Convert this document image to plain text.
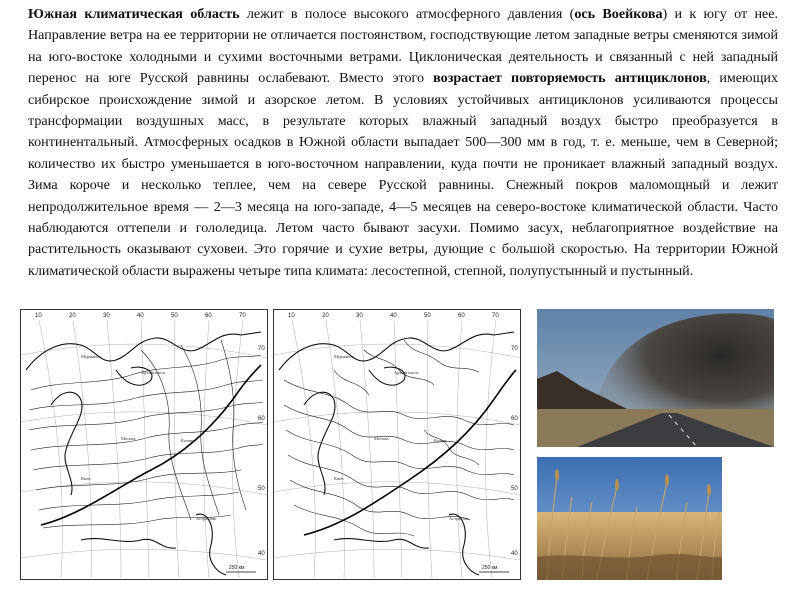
Южная климатическая область лежит в полосе высокого атмосферного давления (ось Воейкова) и к югу от нее. Направление ветра на ее территории не отличается постоянством, господствующие летом западные ветры сменяются зимой на юго-востоке холодными и сухими восточными ветрами. Циклоническая деятельность и связанный с ней западный перенос на юге Русской равнины ослабевают. Вместо этого возрастает повторяемость антициклонов, имеющих сибирское происхождение зимой и азорское летом. В условиях устойчивых антициклонов усиливаются процессы трансформации воздушных масс, в результате которых влажный западный воздух быстро преобразуется в континентальный. Атмосферных осадков в Южной области выпадает 500—300 мм в год, т. е. меньше, чем в Северной; количество их быстро уменьшается в юго-восточном направлении, куда почти не проникает влажный западный воздух. Зима короче и несколько теплее, чем на севере Русской равнины. Снежный покров маломощный и лежит непродолжительное время — 2—3 месяца на юго-западе, 4—5 месяцев на северо-востоке климатической области. Часто наблюдаются оттепели и гололедица. Летом часто бывают засухи. Помимо засух, неблагоприятное воздействие на растительность оказывают суховеи. Это горячие и сухие ветры, дующие с большой скоростью. На территории Южной климатической области выражены четыре типа климата: лесостепной, степной, полупустынный и пустынный.

10	20	30	40	50	60	70
70
60
50
40
Мурманск
Архангельск
Москва
Киев
Казань
Астрахань
250 км
10	20	30	40	50	60	70
70
60
50
40
Мурманск
Архангельск
Москва
Киев
Казань
Астрахань
250 км
